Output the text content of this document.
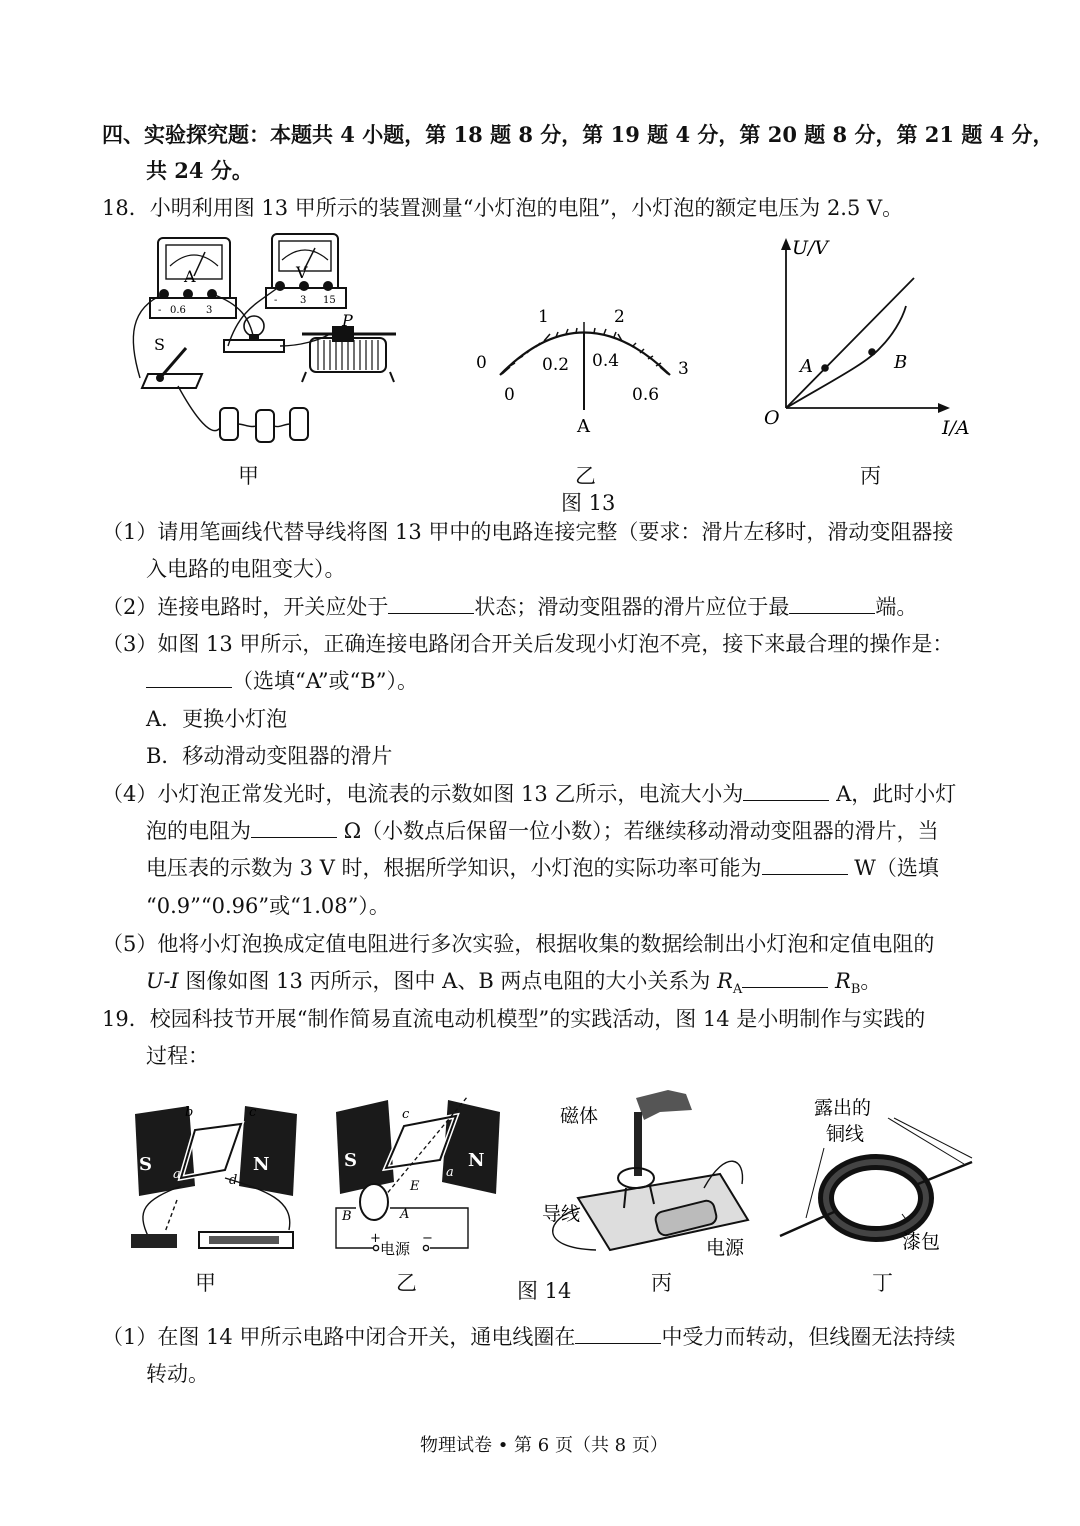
四、实验探究题：本题共 4 小题，第 18 题 8 分，第 19 题 4 分，第 20 题 8 分，第 21 题 4 分，
共 24 分。
18．小明利用图 13 甲所示的装置测量“小灯泡的电阻”，小灯泡的额定电压为 2.5 V。
A
- 0.6 3
V
- 3 15
P
S
甲
0
1	2
3
0
0.2 0.4
0.6
A
乙
U/V
I/A
O
A	B
丙
图 13
（1）请用笔画线代替导线将图 13 甲中的电路连接完整（要求：滑片左移时，滑动变阻器接
入电路的电阻变大）。
（2）连接电路时，开关应处于	状态；滑动变阻器的滑片应位于最	端。
（3）如图 13 甲所示，正确连接电路闭合开关后发现小灯泡不亮，接下来最合理的操作是：
（选填“A”或“B”）。
A．更换小灯泡
B．移动滑动变阻器的滑片
（4）小灯泡正常发光时，电流表的示数如图 13 乙所示，电流大小为	A，此时小灯
泡的电阻为	Ω（小数点后保留一位小数）；若继续移动滑动变阻器的滑片，当
电压表的示数为 3 V 时，根据所学知识，小灯泡的实际功率可能为	W（选填
“0.9”“0.96”或“1.08”）。
（5）他将小灯泡换成定值电阻进行多次实验，根据收集的数据绘制出小灯泡和定值电阻的
U-I 图像如图 13 丙所示，图中 A、B 两点电阻的大小关系为 $R_A$	$R_B$。
19．校园科技节开展“制作简易直流电动机模型”的实践活动，图 14 是小明制作与实践的
过程：
S	N
b	c
a	d
甲
S	N
c
a
E
B	A
+	−
电源
乙
磁体
导线
电源
丙
露出的
铜线
漆包
丁
图 14
（1）在图 14 甲所示电路中闭合开关，通电线圈在	中受力而转动，但线圈无法持续
转动。
物理试卷 • 第 6 页（共 8 页）
